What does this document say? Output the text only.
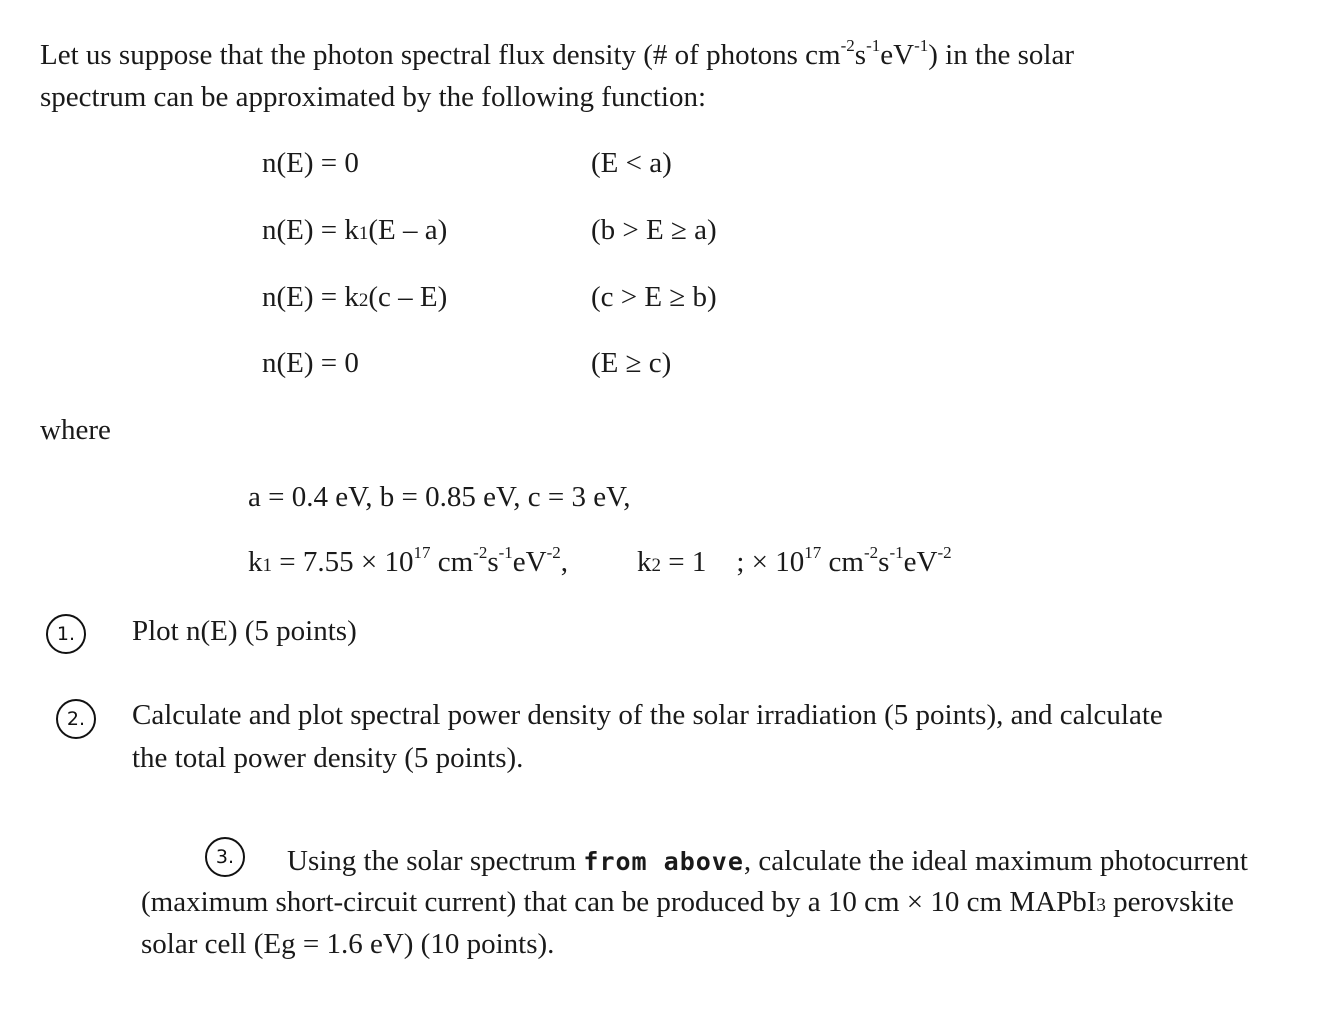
Let us suppose that the photon spectral flux density (# of photons $cm^{-2}s^{-1}eV^{-1}$) in the solar
spectrum can be approximated by the following function:
n(E) = 0	(E < a)
n(E) = k1(E – a)	(b > E ≥ a)
n(E) = k2(c – E)	(c > E ≥ b)
n(E) = 0	(E ≥ c)
where
a = 0.4 eV, b = 0.85 eV, c = 3 eV,
$k1 = 7.55 \times 10^{17}$ $cm^{-2}s^{-1}eV^{-2}$, k2 = 1 ; × $10^{17}$ $cm^{-2}s^{-1}eV^{-2}$
1.	Plot n(E) (5 points)
2.	Calculate and plot spectral power density of the solar irradiation (5 points), and calculate
the total power density (5 points).
3.	Using the solar spectrum from above, calculate the ideal maximum photocurrent
(maximum short-circuit current) that can be produced by a 10 cm × 10 cm MAPbI3 perovskite
solar cell (Eg = 1.6 eV) (10 points).
